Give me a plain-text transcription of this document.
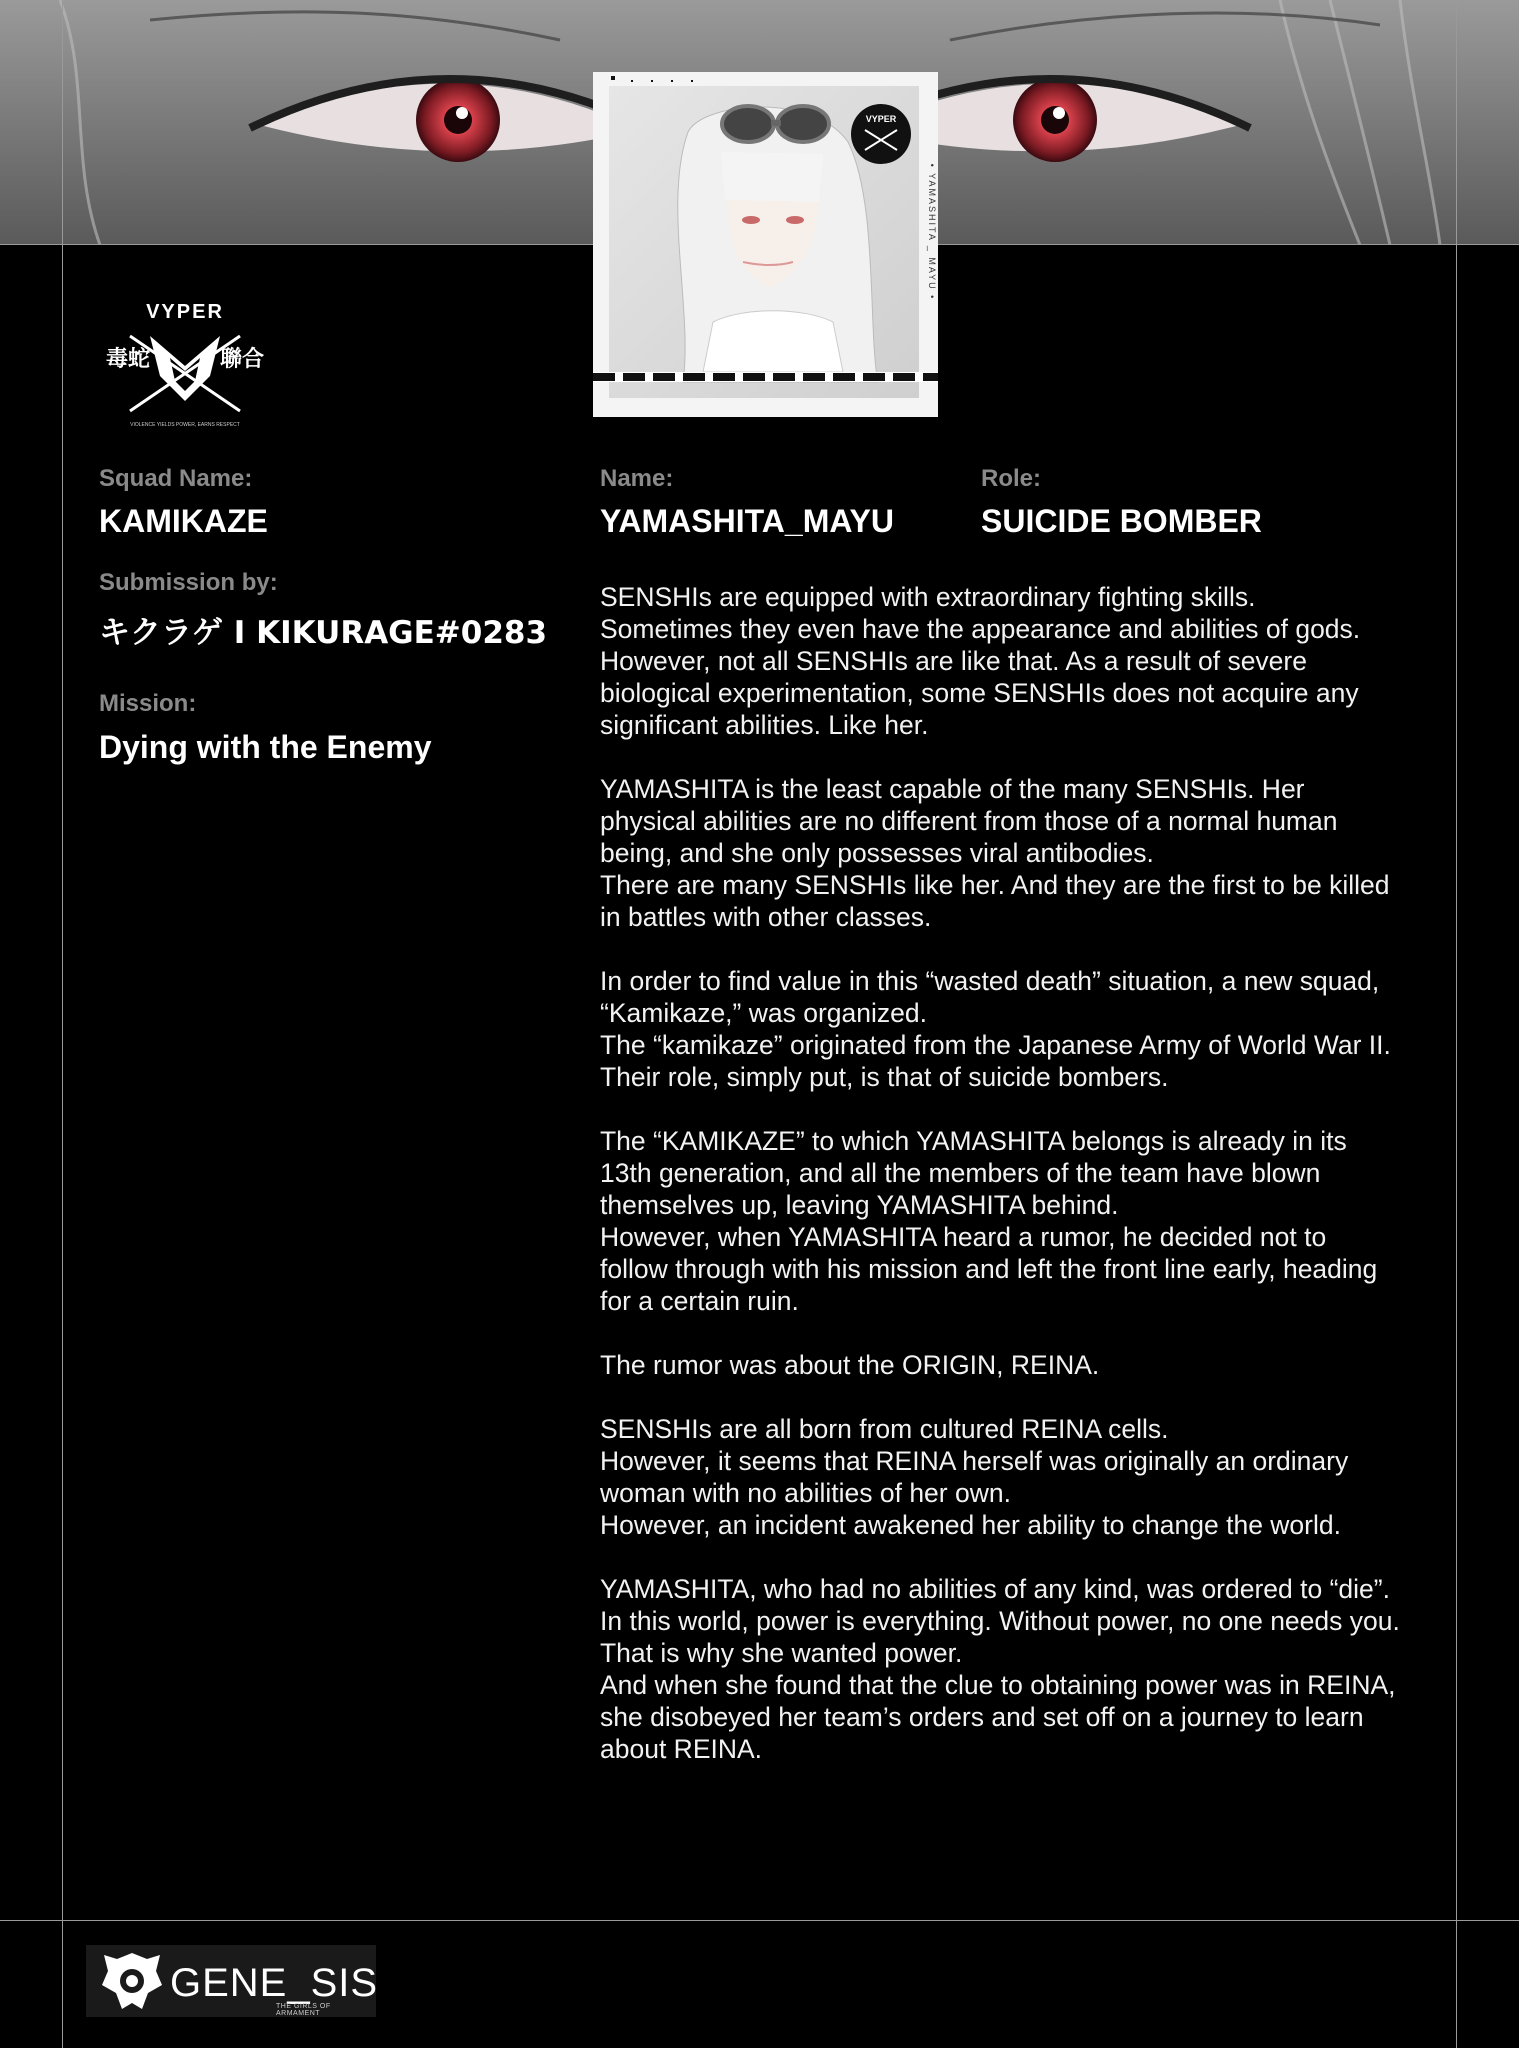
VYPER
• YAMASHITA _ MAYU •
VYPER
毒蛇	聯合
VIOLENCE YIELDS POWER, EARNS RESPECT
Squad Name:
KAMIKAZE
Submission by:
キクラゲ I KIKURAGE#0283
Mission:
Dying with the Enemy
Name:
YAMASHITA_MAYU
Role:
SUICIDE BOMBER

SENSHIs are equipped with extraordinary fighting skills.
Sometimes they even have the appearance and abilities of gods.
However, not all SENSHIs are like that. As a result of severe biological experimentation, some SENSHIs does not acquire any significant abilities. Like her.

YAMASHITA is the least capable of the many SENSHIs. Her physical abilities are no different from those of a normal human being, and she only possesses viral antibodies.
There are many SENSHIs like her. And they are the first to be killed in battles with other classes.

In order to find value in this “wasted death” situation, a new squad, “Kamikaze,” was organized.
The “kamikaze” originated from the Japanese Army of World War II. Their role, simply put, is that of suicide bombers.

The “KAMIKAZE” to which YAMASHITA belongs is already in its 13th generation, and all the members of the team have blown themselves up, leaving YAMASHITA behind.
However, when YAMASHITA heard a rumor, he decided not to follow through with his mission and left the front line early, heading for a certain ruin.

The rumor was about the ORIGIN, REINA.

SENSHIs are all born from cultured REINA cells.
However, it seems that REINA herself was originally an ordinary woman with no abilities of her own.
However, an incident awakened her ability to change the world.

YAMASHITA, who had no abilities of any kind, was ordered to “die”.
In this world, power is everything. Without power, no one needs you.
That is why she wanted power.
And when she found that the clue to obtaining power was in REINA, she disobeyed her team’s orders and set off on a journey to learn about REINA.

GENE_SIS
THE GIRLS OF ARMAMENT
